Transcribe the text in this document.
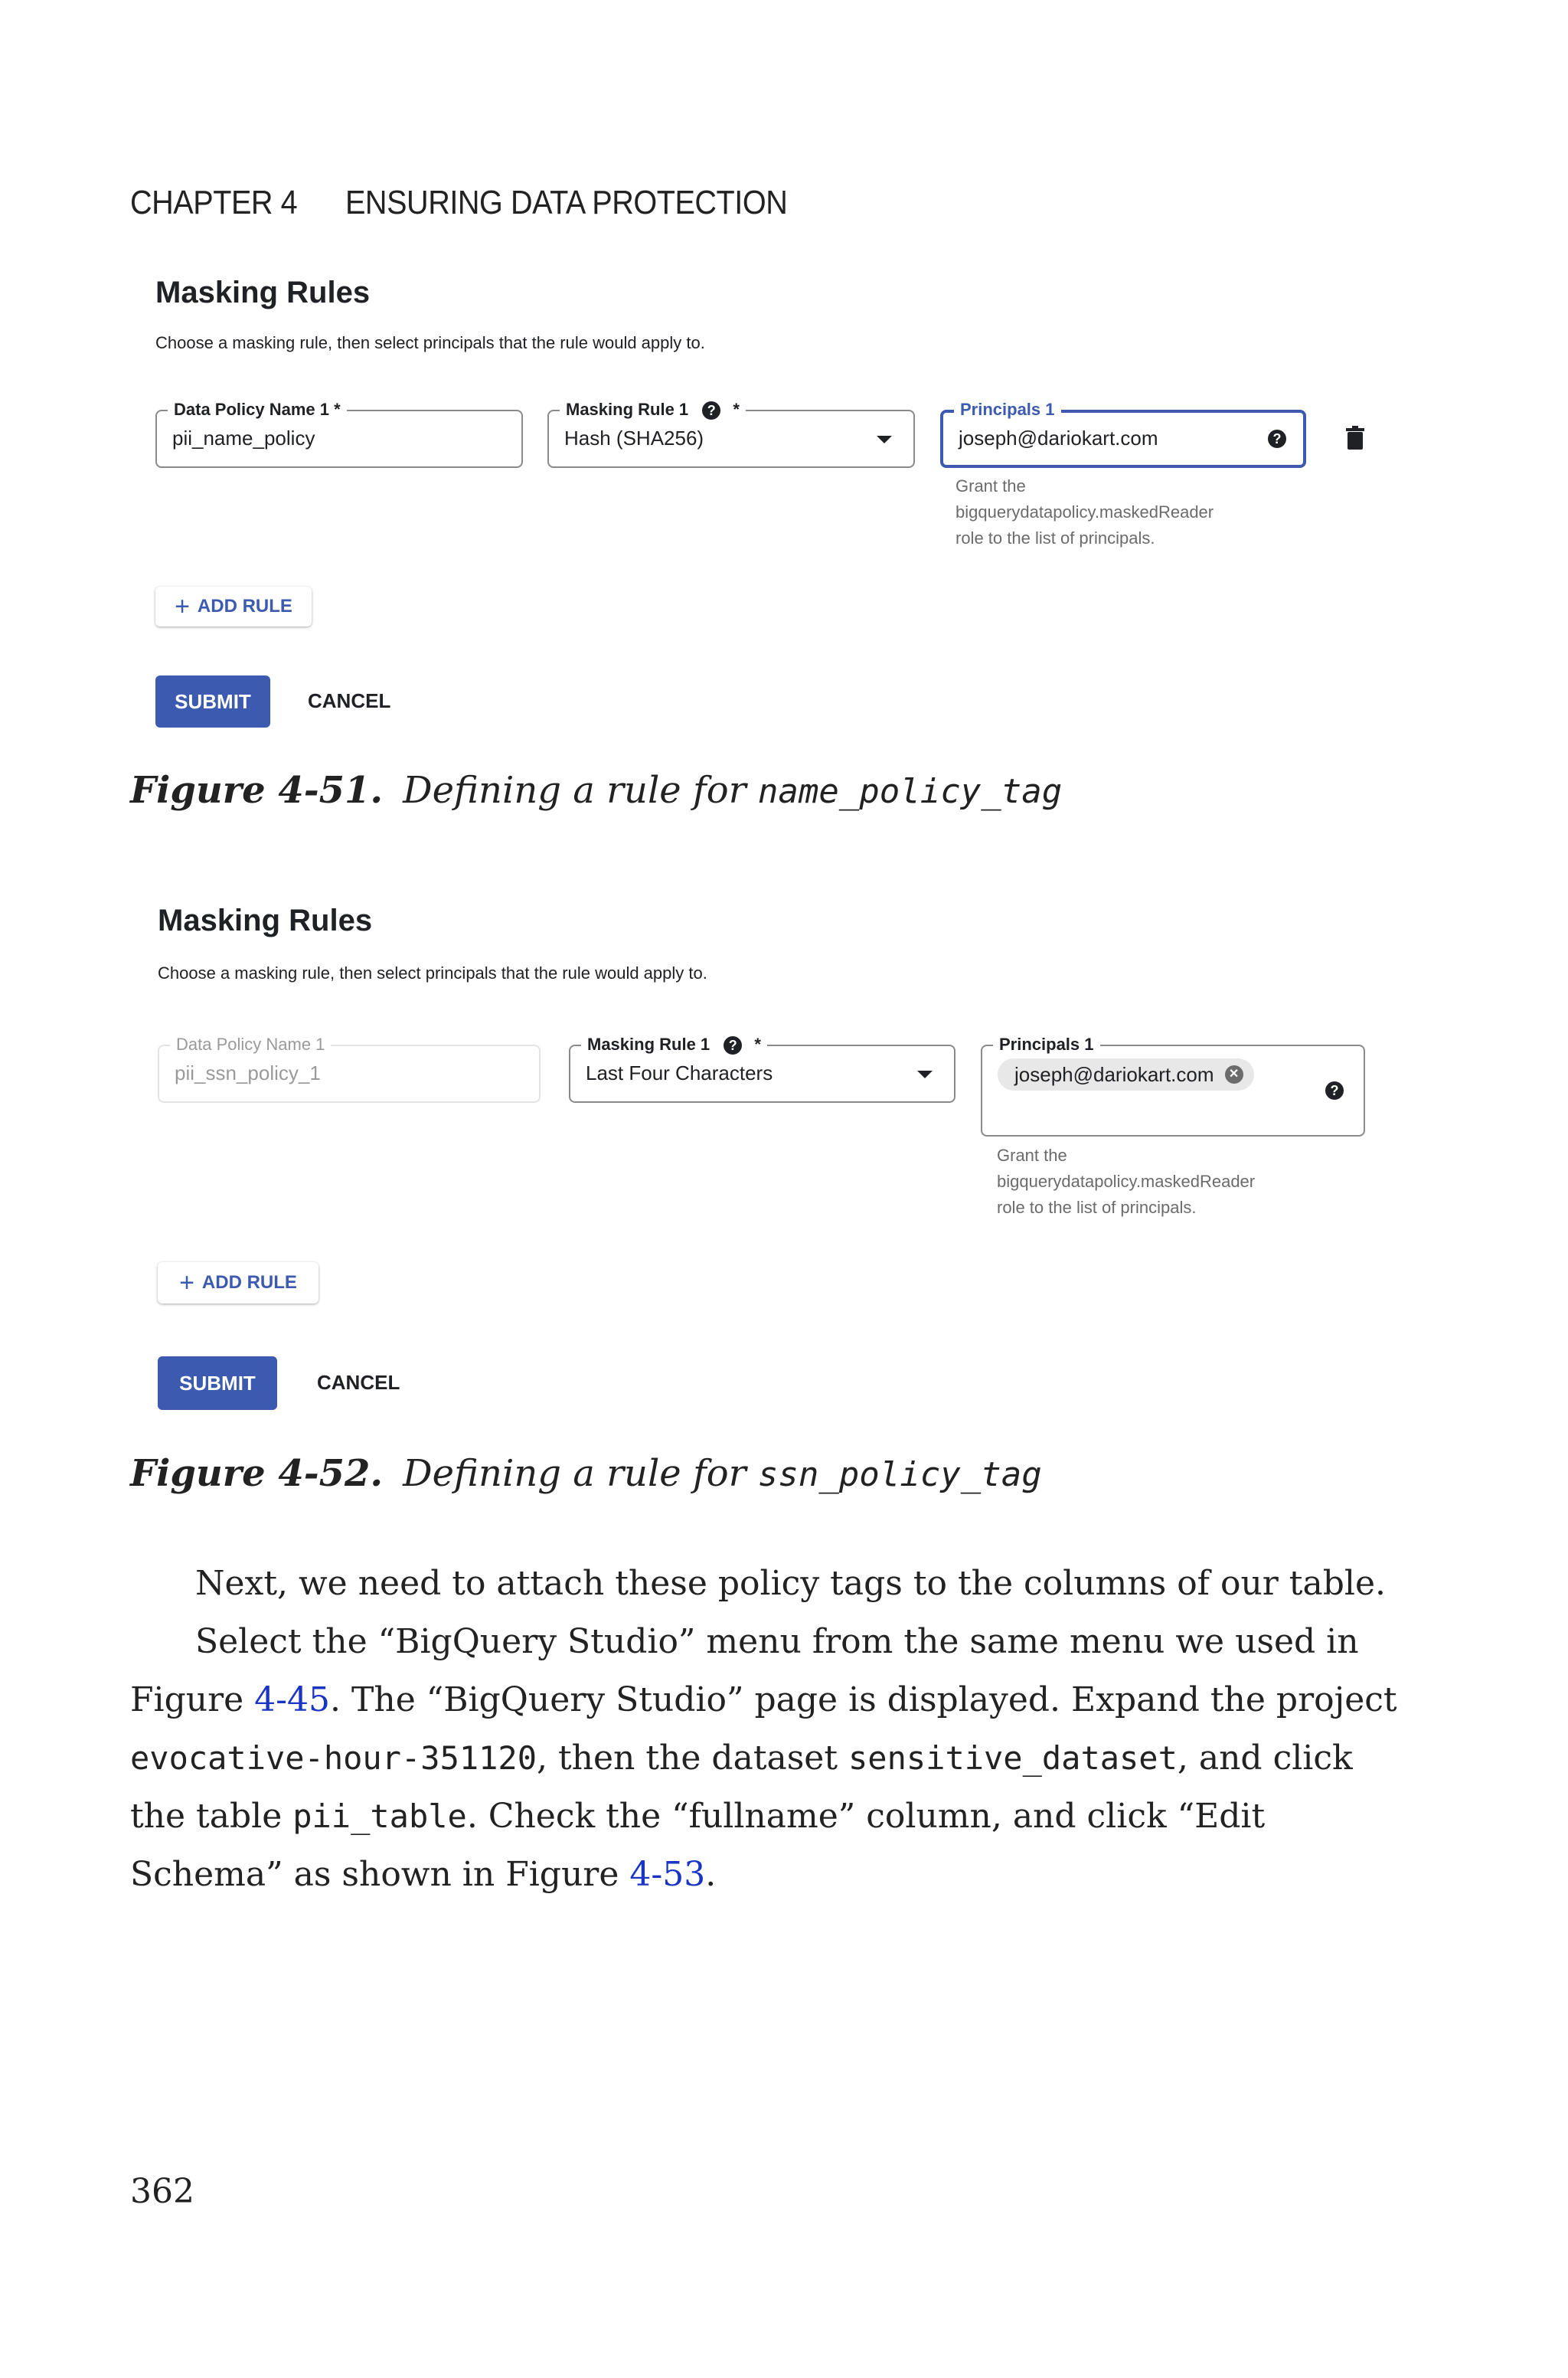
CHAPTER 4 ENSURING DATA PROTECTION
Masking Rules
Choose a masking rule, then select principals that the rule would apply to.
Data Policy Name 1 *
pii_name_policy
Masking Rule 1 ? *
Hash (SHA256)
Principals 1
joseph@dariokart.com	?
Grant the
bigquerydatapolicy.maskedReader
role to the list of principals.
+ ADD RULE
SUBMIT	CANCEL
Figure 4-51. Defining a rule for name_policy_tag
Masking Rules
Choose a masking rule, then select principals that the rule would apply to.
Data Policy Name 1
pii_ssn_policy_1
Masking Rule 1 ? *
Last Four Characters
Principals 1
joseph@dariokart.com	✕
?
Grant the
bigquerydatapolicy.maskedReader
role to the list of principals.
+ ADD RULE
SUBMIT	CANCEL
Figure 4-52. Defining a rule for ssn_policy_tag

Next, we need to attach these policy tags to the columns of our table.

Select the “BigQuery Studio” menu from the same menu we used in Figure 4-45. The “BigQuery Studio” page is displayed. Expand the project evocative-hour-351120, then the dataset sensitive_dataset, and click the table pii_table. Check the “fullname” column, and click “Edit Schema” as shown in Figure 4-53.

362
